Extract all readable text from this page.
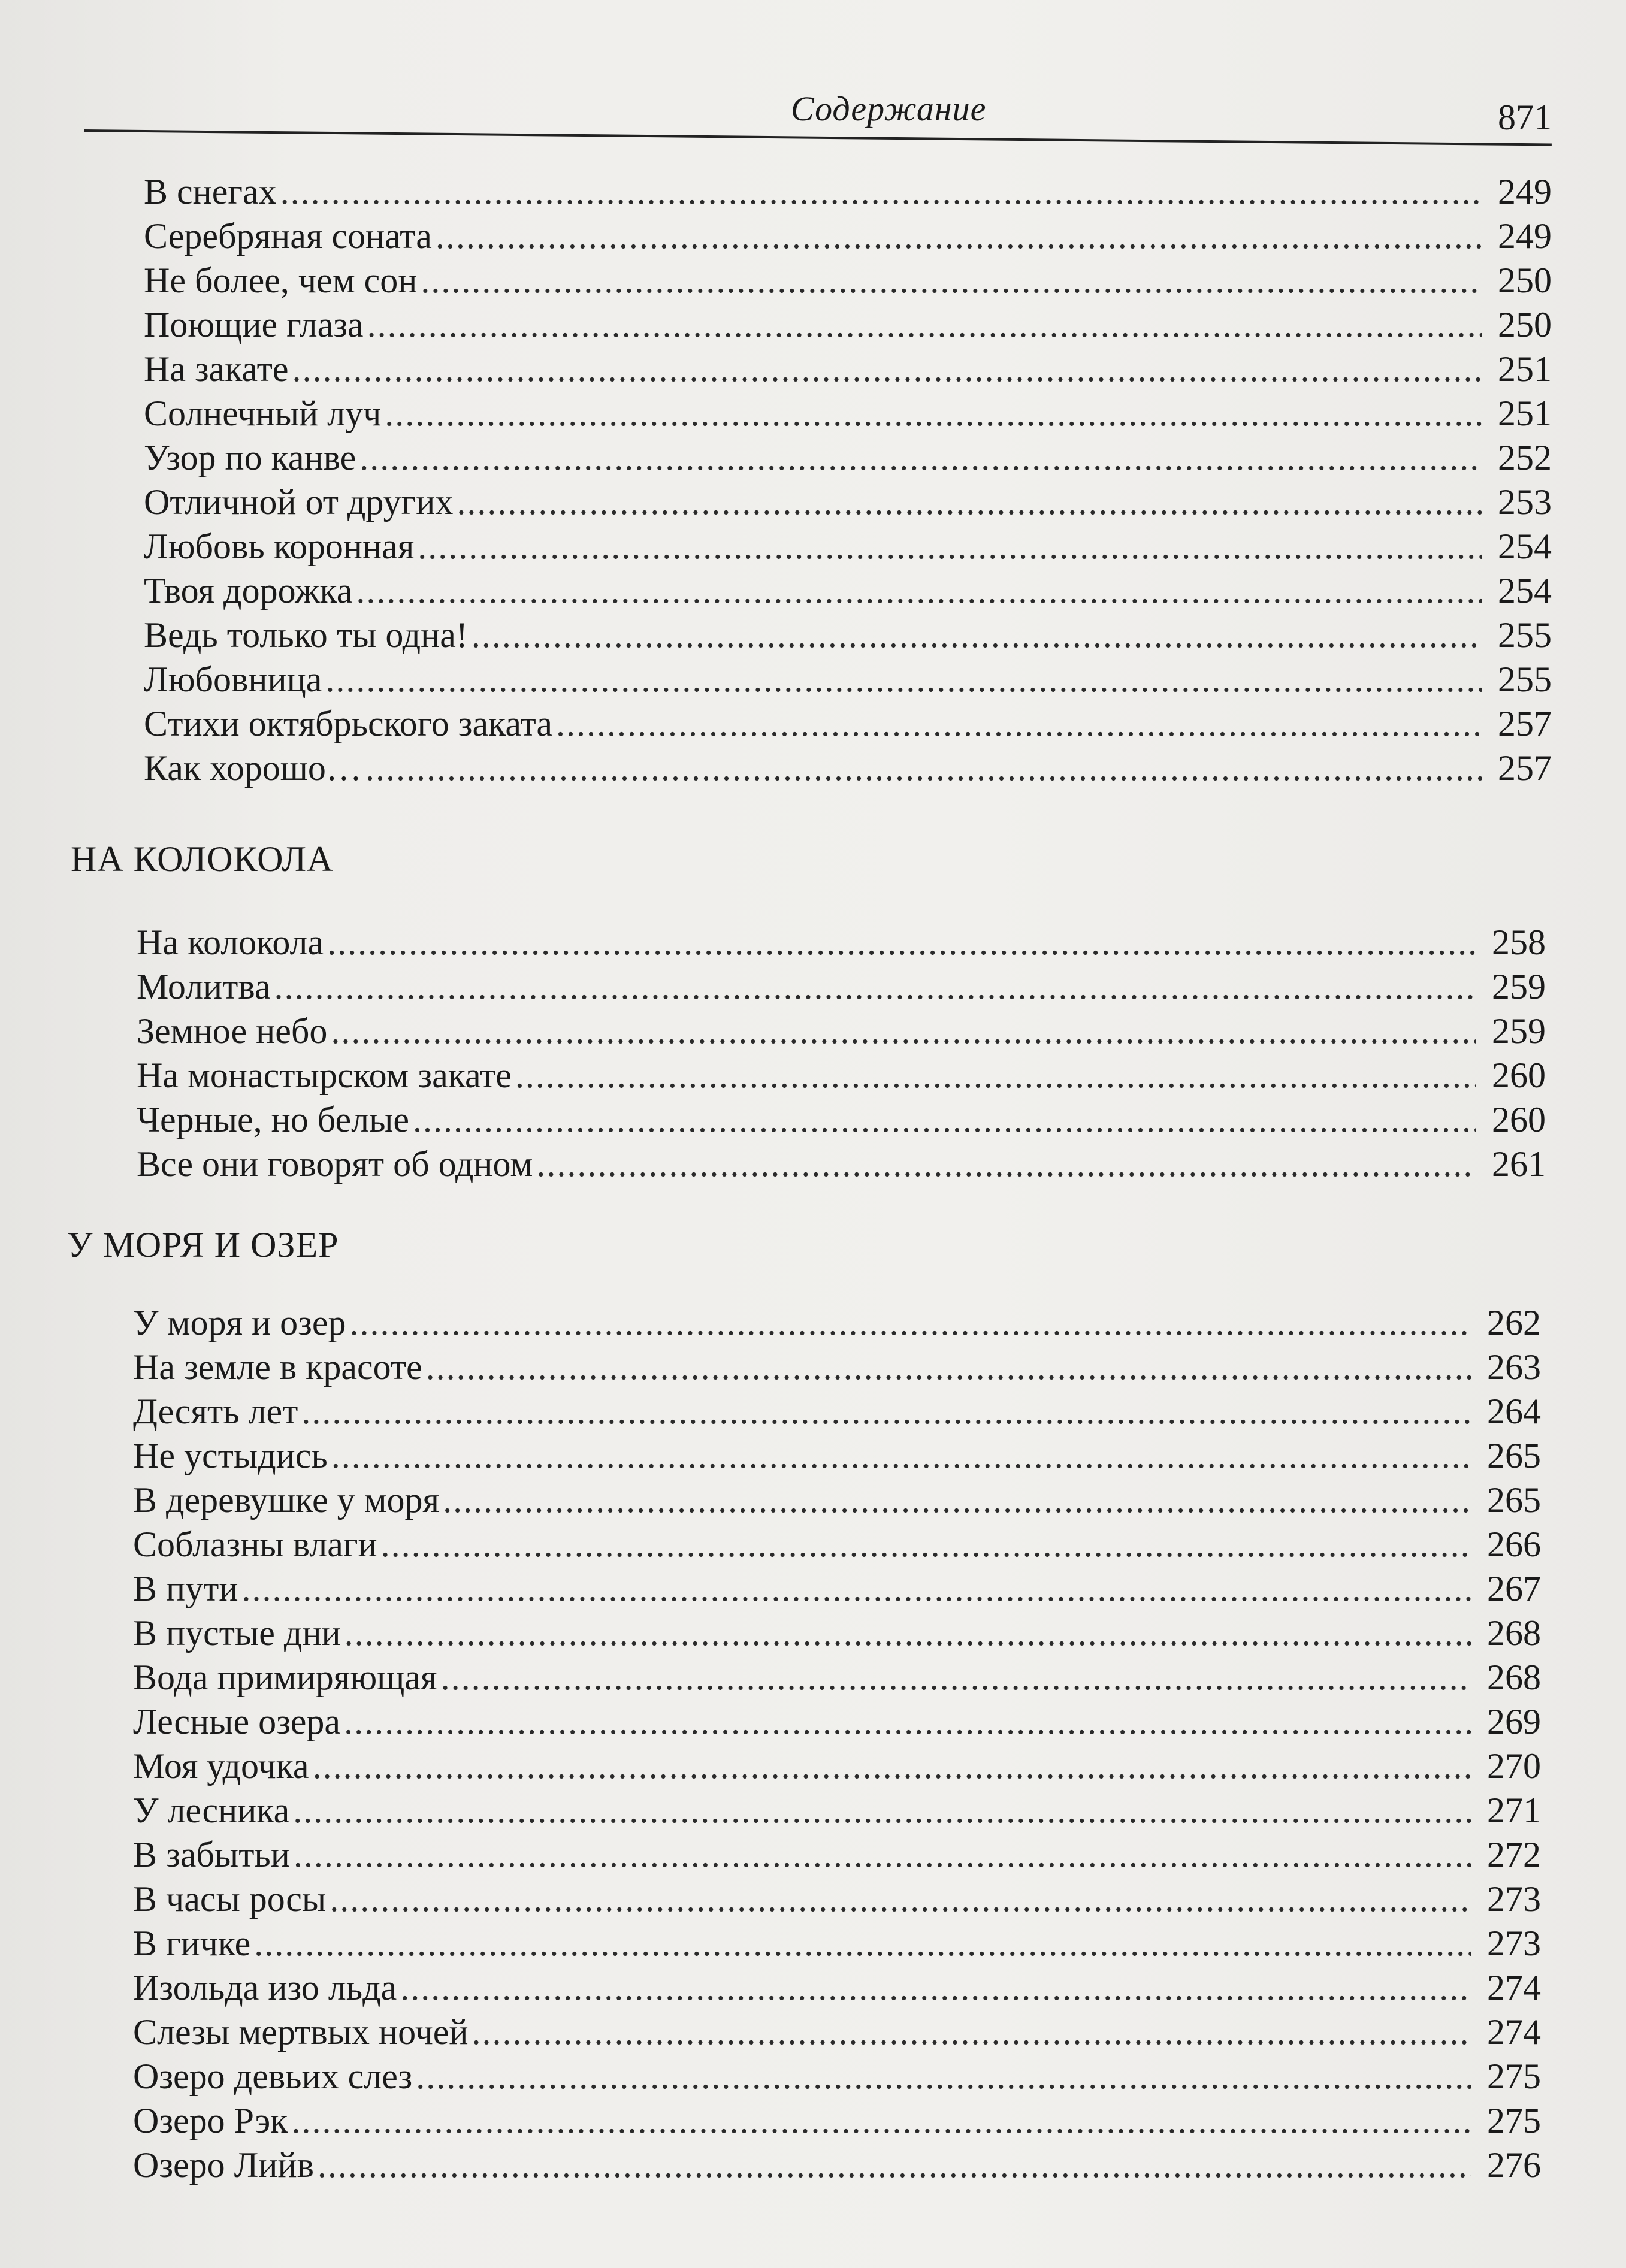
Содержание	871
В снегах .....	249
Серебряная соната .....	249
Не более, чем сон .....	250
Поющие глаза .....	250
На закате .....	251
Солнечный луч .....	251
Узор по канве .....	252
Отличной от других .....	253
Любовь коронная .....	254
Твоя дорожка .....	254
Ведь только ты одна! .....	255
Любовница .....	255
Стихи октябрьского заката .....	257
Как хорошо… .....	257
НА КОЛОКОЛА
На колокола .....	258
Молитва .....	259
Земное небо .....	259
На монастырском закате .....	260
Черные, но белые .....	260
Все они говорят об одном .....	261
У МОРЯ И ОЗЕР
У моря и озер .....	262
На земле в красоте .....	263
Десять лет .....	264
Не устыдись .....	265
В деревушке у моря .....	265
Соблазны влаги .....	266
В пути .....	267
В пустые дни .....	268
Вода примиряющая .....	268
Лесные озера .....	269
Моя удочка .....	270
У лесника .....	271
В забытьи .....	272
В часы росы .....	273
В гичке .....	273
Изольда изо льда .....	274
Слезы мертвых ночей .....	274
Озеро девьих слез .....	275
Озеро Рэк .....	275
Озеро Лийв .....	276
